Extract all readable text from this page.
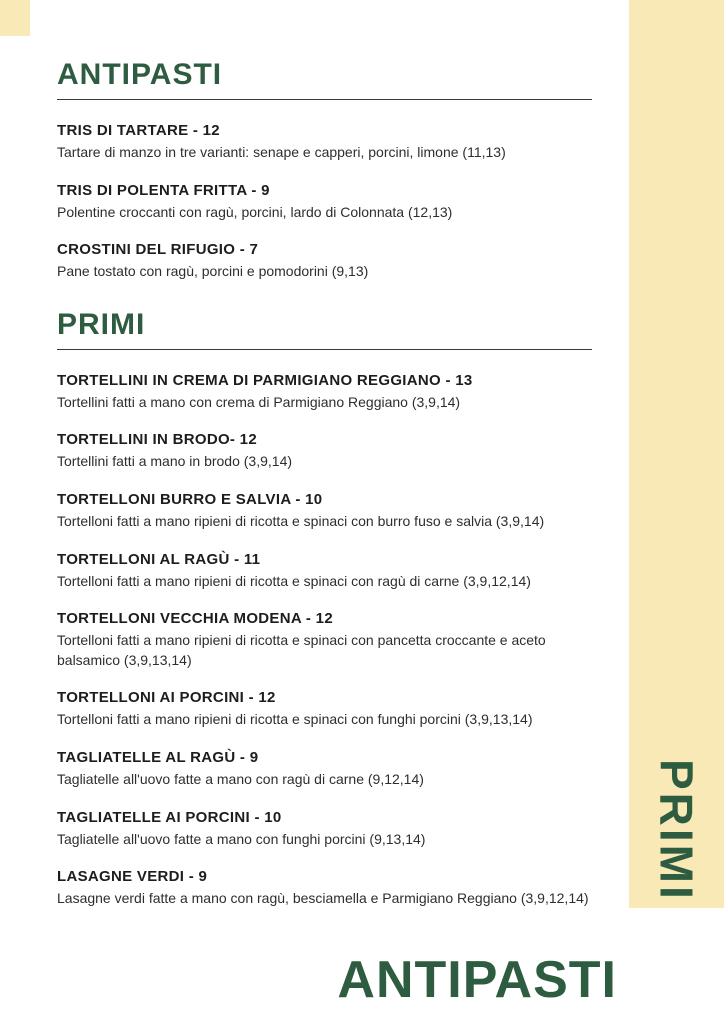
PRIMI
ANTIPASTI
TRIS DI TARTARE - 12
Tartare di manzo in tre varianti: senape e capperi, porcini, limone (11,13)
TRIS DI POLENTA FRITTA - 9
Polentine croccanti con ragù, porcini, lardo di Colonnata (12,13)
CROSTINI DEL RIFUGIO - 7
Pane tostato con ragù, porcini e pomodorini (9,13)
PRIMI
TORTELLINI IN CREMA DI PARMIGIANO REGGIANO - 13
Tortellini fatti a mano con crema di Parmigiano Reggiano (3,9,14)
TORTELLINI IN BRODO- 12
Tortellini fatti a mano in brodo (3,9,14)
TORTELLONI BURRO E SALVIA - 10
Tortelloni fatti a mano ripieni di ricotta e spinaci con burro fuso e salvia (3,9,14)
TORTELLONI AL RAGÙ - 11
Tortelloni fatti a mano ripieni di ricotta e spinaci con ragù di carne (3,9,12,14)
TORTELLONI VECCHIA MODENA - 12
Tortelloni fatti a mano ripieni di ricotta e spinaci con pancetta croccante e aceto balsamico (3,9,13,14)
TORTELLONI AI PORCINI - 12
Tortelloni fatti a mano ripieni di ricotta e spinaci con funghi porcini (3,9,13,14)
TAGLIATELLE AL RAGÙ - 9
Tagliatelle all'uovo fatte a mano con ragù di carne (9,12,14)
TAGLIATELLE AI PORCINI - 10
Tagliatelle all'uovo fatte a mano con funghi porcini (9,13,14)
LASAGNE VERDI - 9
Lasagne verdi fatte a mano con ragù, besciamella e Parmigiano Reggiano (3,9,12,14)
ANTIPASTI
